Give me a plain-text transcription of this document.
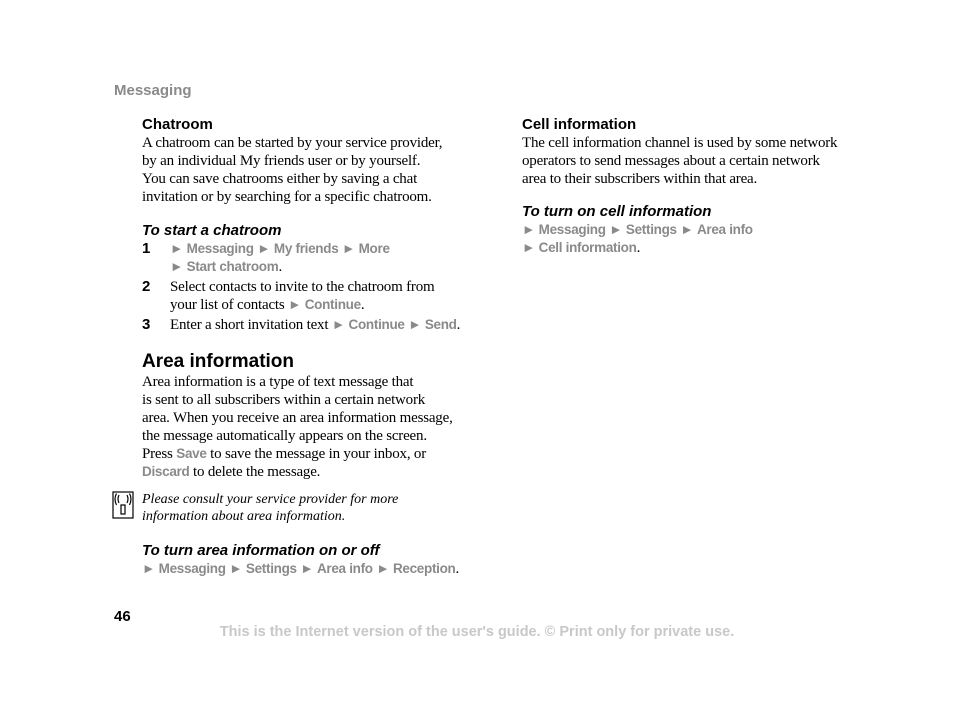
Messaging
Chatroom

A chatroom can be started by your service provider,

by an individual My friends user or by yourself.

You can save chatrooms either by saving a chat

invitation or by searching for a specific chatroom.

To start a chatroom
1 ► Messaging ► My friends ► More
► Start chatroom.
2 Select contacts to invite to the chatroom from
your list of contacts ► Continue.
3 Enter a short invitation text ► Continue ► Send.
Area information

Area information is a type of text message that

is sent to all subscribers within a certain network

area. When you receive an area information message,

the message automatically appears on the screen.

Press Save to save the message in your inbox, or

Discard to delete the message.

Please consult your service provider for more

information about area information.

To turn area information on or off
► Messaging ► Settings ► Area info ► Reception.
Cell information

The cell information channel is used by some network

operators to send messages about a certain network

area to their subscribers within that area.

To turn on cell information
► Messaging ► Settings ► Area info
► Cell information.
46
This is the Internet version of the user's guide. © Print only for private use.
